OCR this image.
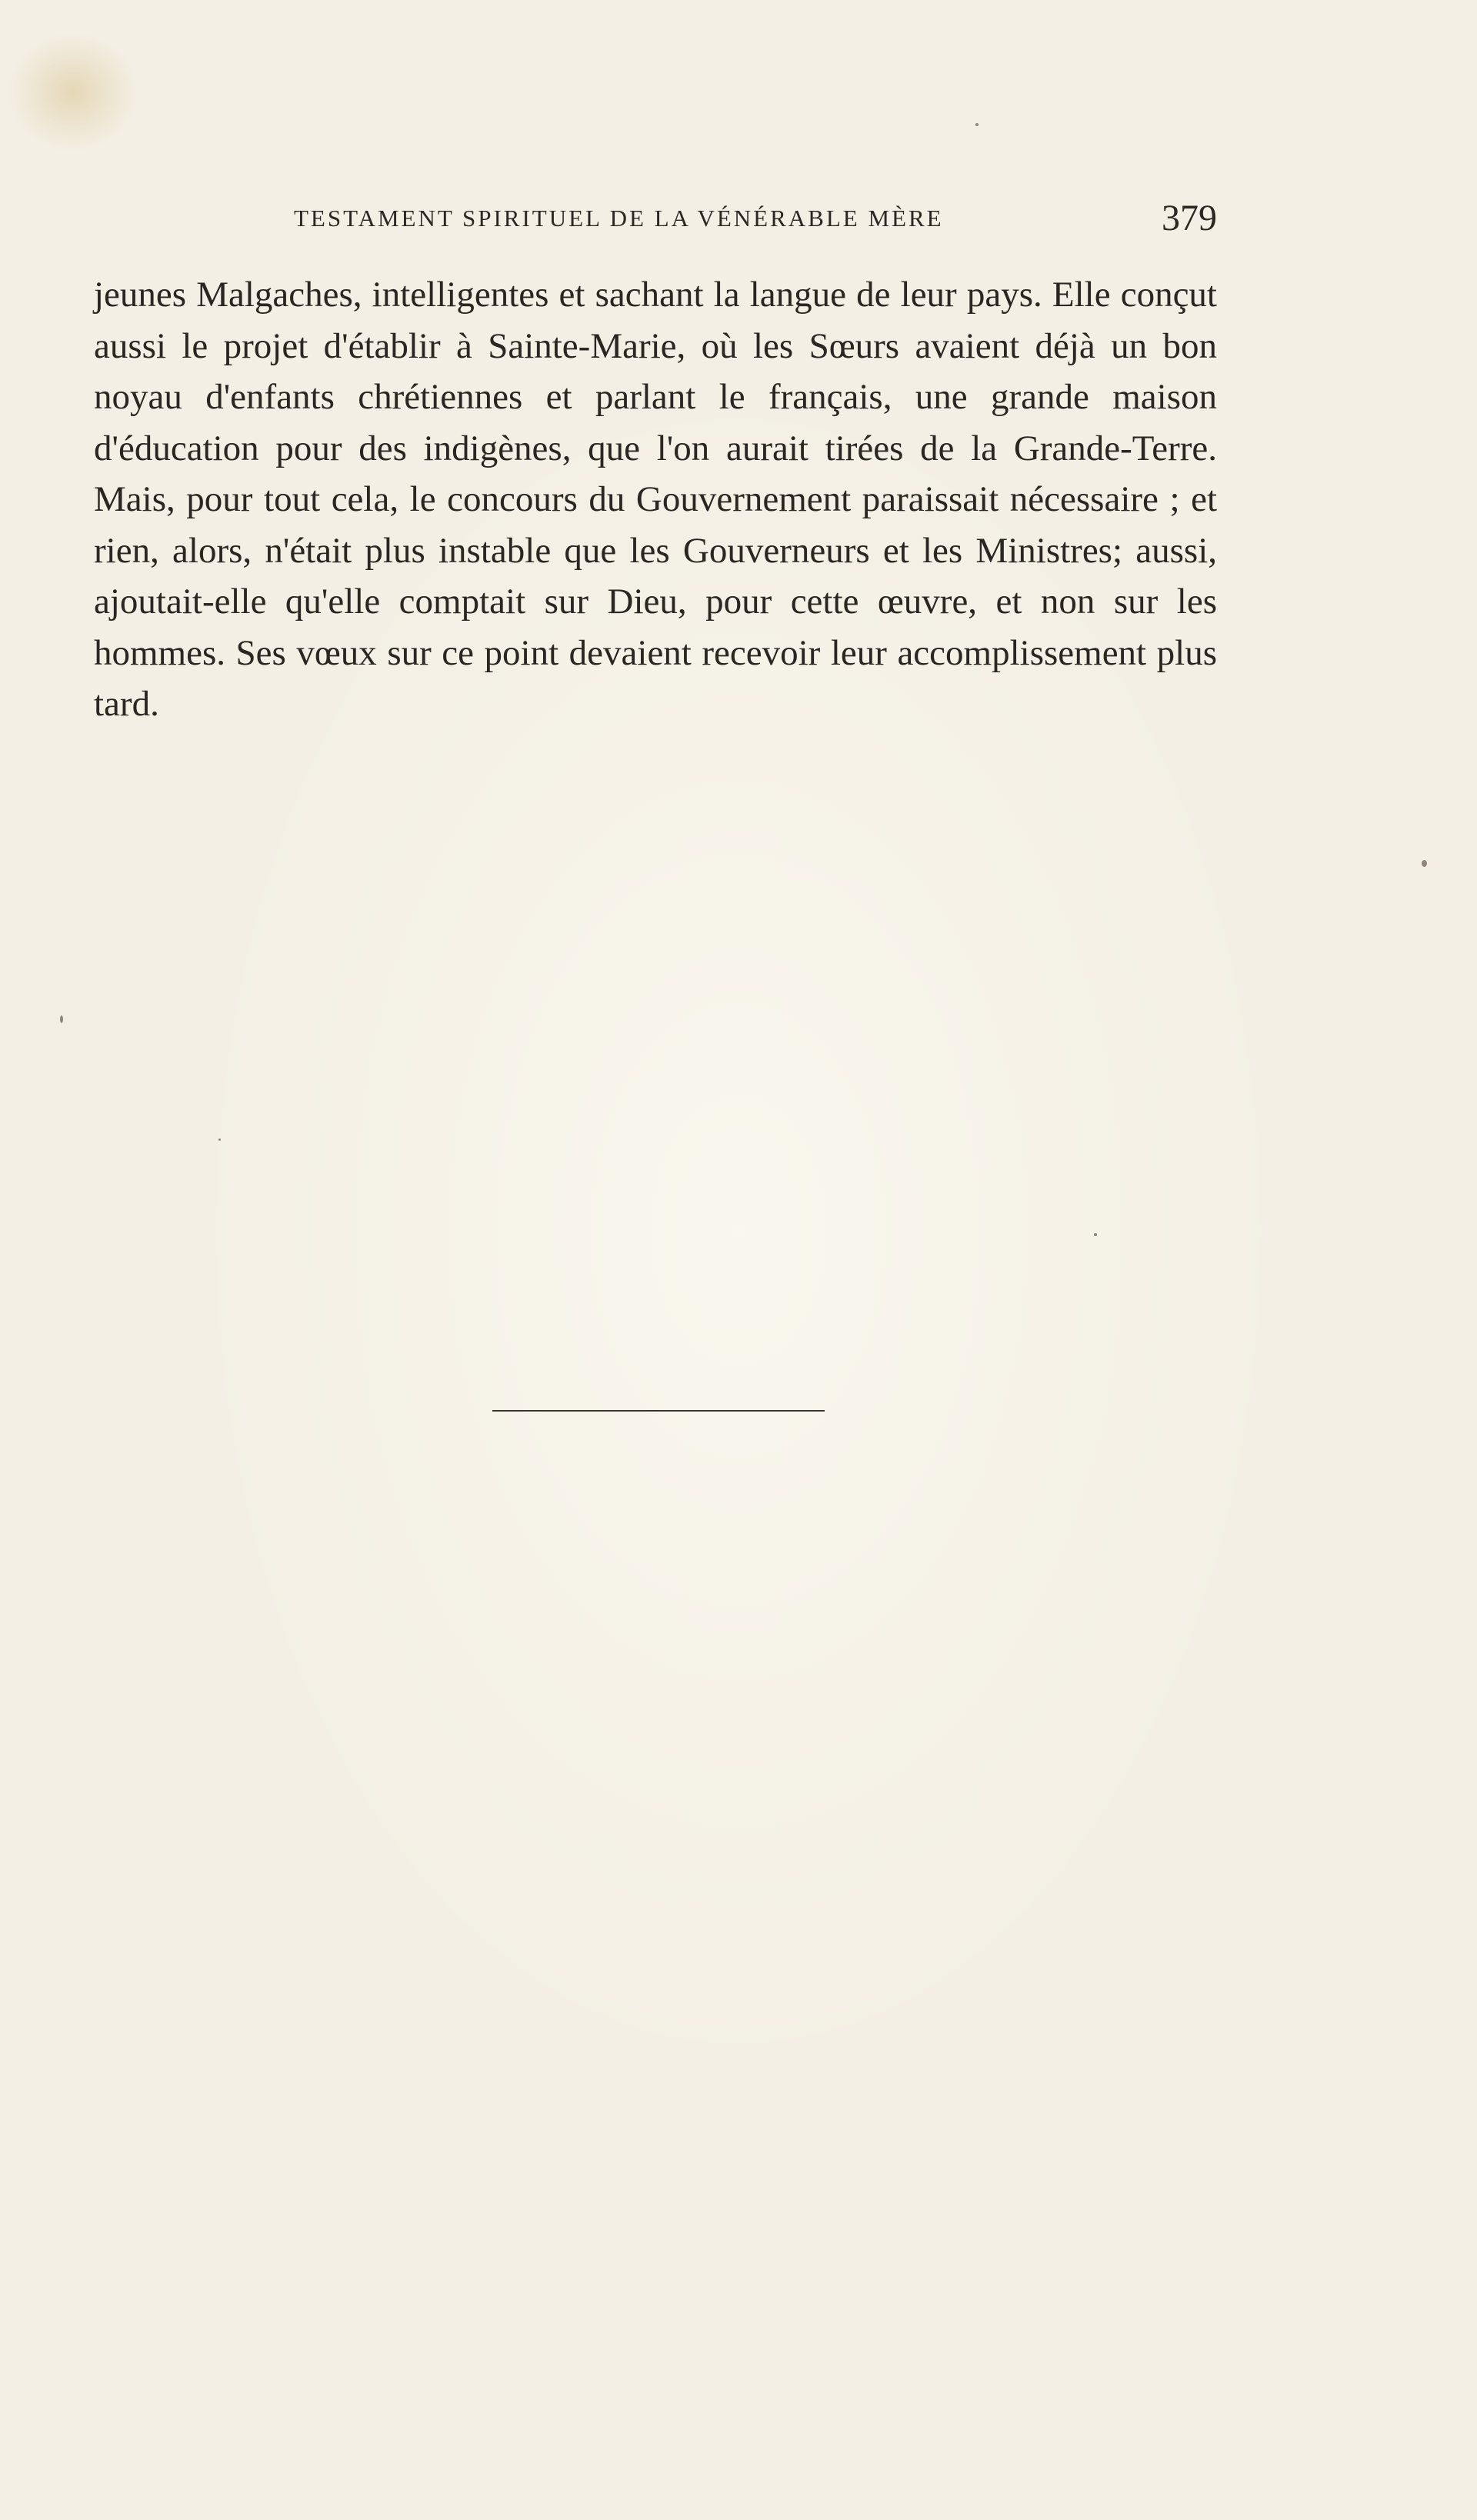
TESTAMENT SPIRITUEL DE LA VÉNÉRABLE MÈRE	379

jeunes Malgaches, intelligentes et sachant la langue de leur pays. Elle conçut aussi le projet d'établir à Sainte-Marie, où les Sœurs avaient déjà un bon noyau d'enfants chrétiennes et parlant le français, une grande maison d'éducation pour des indigènes, que l'on aurait tirées de la Grande-Terre. Mais, pour tout cela, le concours du Gouvernement paraissait nécessaire ; et rien, alors, n'était plus instable que les Gouverneurs et les Ministres; aussi, ajoutait-elle qu'elle comptait sur Dieu, pour cette œuvre, et non sur les hommes. Ses vœux sur ce point devaient recevoir leur accomplissement plus tard.
